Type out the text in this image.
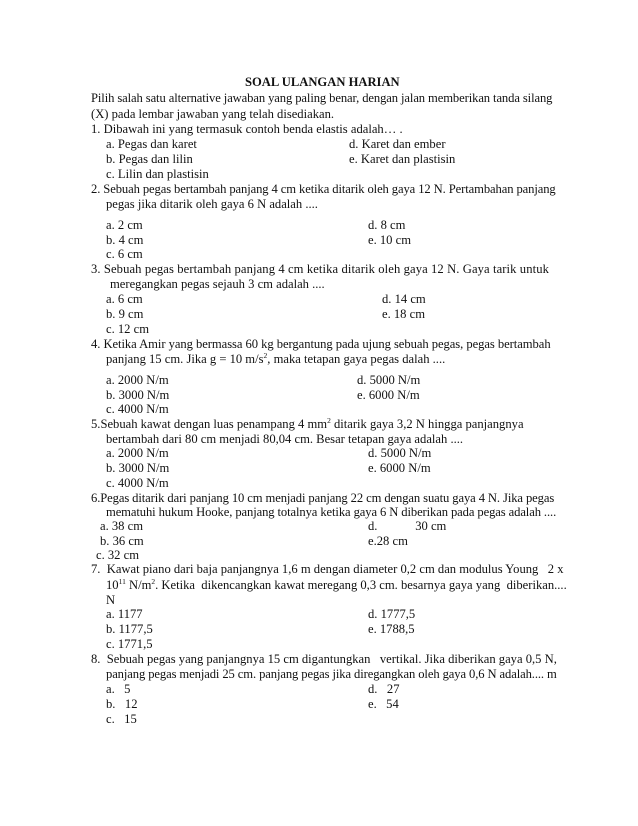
SOAL ULANGAN HARIAN
Pilih salah satu alternative jawaban yang paling benar, dengan jalan memberikan tanda silang
(X) pada lembar jawaban yang telah disediakan.
1. Dibawah ini yang termasuk contoh benda elastis adalah… .
a. Pegas dan karet	d. Karet dan ember
b. Pegas dan lilin	e. Karet dan plastisin
c. Lilin dan plastisin
2. Sebuah pegas bertambah panjang 4 cm ketika ditarik oleh gaya 12 N. Pertambahan panjang
pegas jika ditarik oleh gaya 6 N adalah ....
a. 2 cm	d. 8 cm
b. 4 cm	e. 10 cm
c. 6 cm
3. Sebuah pegas bertambah panjang 4 cm ketika ditarik oleh gaya 12 N. Gaya tarik untuk
meregangkan pegas sejauh 3 cm adalah ....
a. 6 cm	d. 14 cm
b. 9 cm	e. 18 cm
c. 12 cm
4. Ketika Amir yang bermassa 60 kg bergantung pada ujung sebuah pegas, pegas bertambah
panjang 15 cm. Jika g = 10 $m/s^2$, maka tetapan gaya pegas dalah ....
a. 2000 N/m	d. 5000 N/m
b. 3000 N/m	e. 6000 N/m
c. 4000 N/m
5.Sebuah kawat dengan luas penampang 4 $mm^2$ ditarik gaya 3,2 N hingga panjangnya
bertambah dari 80 cm menjadi 80,04 cm. Besar tetapan gaya adalah ....
a. 2000 N/m	d. 5000 N/m
b. 3000 N/m	e. 6000 N/m
c. 4000 N/m
6.Pegas ditarik dari panjang 10 cm menjadi panjang 22 cm dengan suatu gaya 4 N. Jika pegas
mematuhi hukum Hooke, panjang totalnya ketika gaya 6 N diberikan pada pegas adalah ....
a. 38 cm	d.            30 cm
b. 36 cm	e.28 cm
c. 32 cm
7.  Kawat piano dari baja panjangnya 1,6 m dengan diameter 0,2 cm dan modulus Young   2 x
$10^{11}$ $N/m^2$. Ketika  dikencangkan kawat meregang 0,3 cm. besarnya gaya yang  diberikan....
N
a. 1177	d. 1777,5
b. 1177,5	e. 1788,5
c. 1771,5
8.  Sebuah pegas yang panjangnya 15 cm digantungkan   vertikal. Jika diberikan gaya 0,5 N,
panjang pegas menjadi 25 cm. panjang pegas jika diregangkan oleh gaya 0,6 N adalah.... m
a.   5	d.   27
b.   12	e.   54
c.   15
